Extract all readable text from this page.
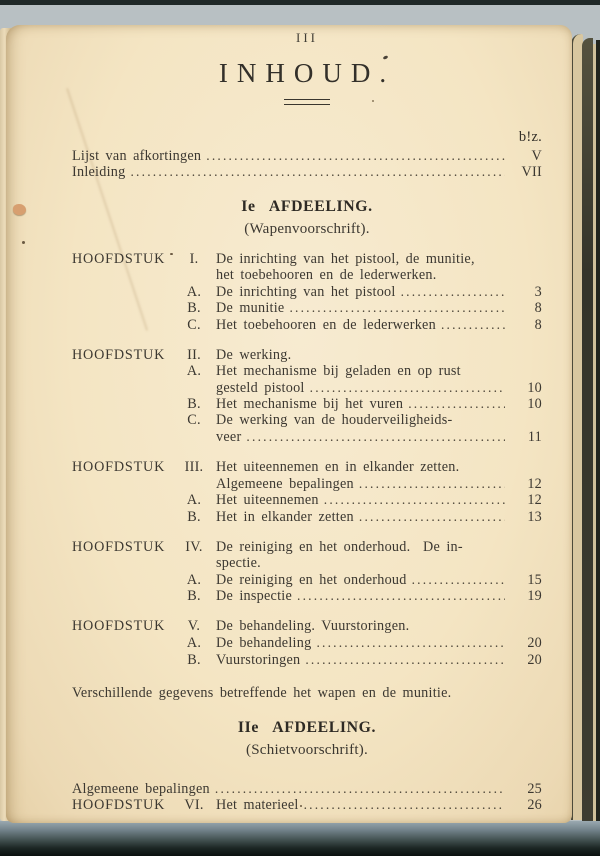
III
INHOUD.
b!z.
Lijst van afkortingen .....	V
Inleiding .....	VII
Ie  AFDEELING.
(Wapenvoorschrift).
HOOFDSTUK	I.	De inrichting van het pistool, de munitie,
het toebehooren en de lederwerken.
A.	De inrichting van het pistool .....	3
B.	De munitie .....	8
C.	Het toebehooren en de lederwerken .....	8
HOOFDSTUK	II.	De werking.
A.	Het mechanisme bij geladen en op rust
gesteld pistool .....	10
B.	Het mechanisme bij het vuren .....	10
C.	De werking van de houderveiligheids-
veer .....	11
HOOFDSTUK	III. Het uiteennemen en in elkander zetten.
Algemeene bepalingen .....	12
A.	Het uiteennemen .....	12
B.	Het in elkander zetten .....	13
HOOFDSTUK	IV. De reiniging en het onderhoud.  De in-
spectie.
A.	De reiniging en het onderhoud .....	15
B.	De inspectie .....	19
HOOFDSTUK	V.	De behandeling. Vuurstoringen.
A.	De behandeling .....	20
B.	Vuurstoringen .....	20
Verschillende gegevens betreffende het wapen en de munitie.
IIe  AFDEELING.
(Schietvoorschrift).
Algemeene bepalingen .....	25
HOOFDSTUK	VI. Het materieel .....	26
